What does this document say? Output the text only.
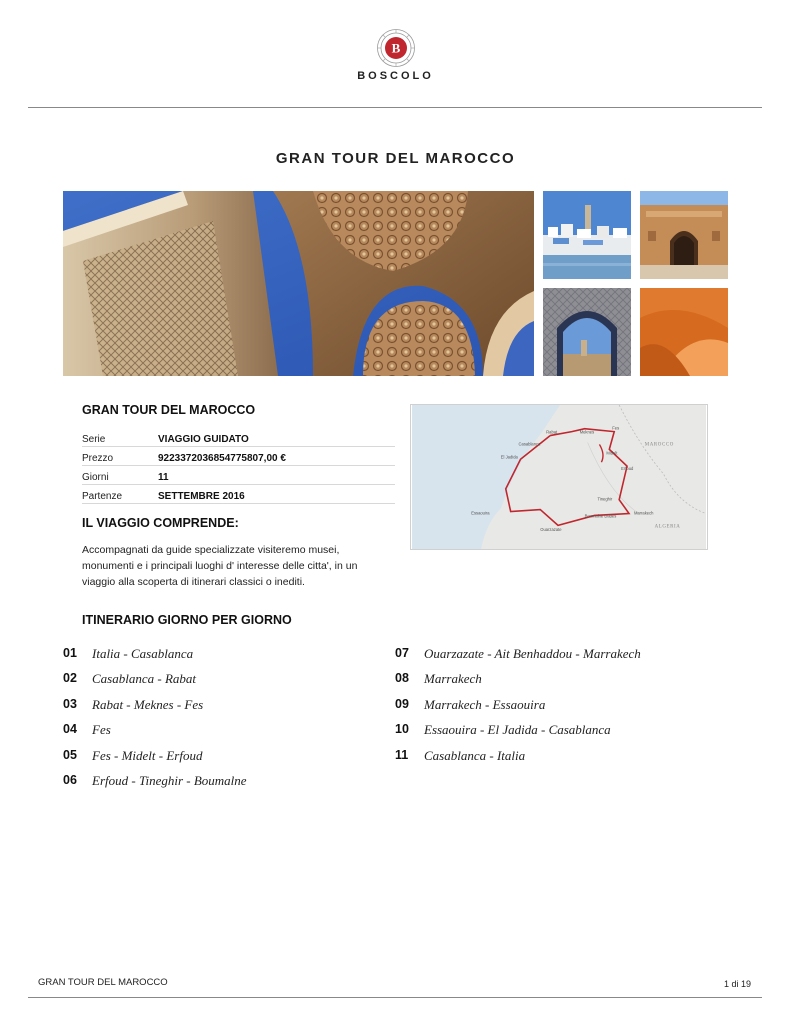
B
BOSCOLO
GRAN TOUR DEL MAROCCO
GRAN TOUR DEL MAROCCO
Serie	VIAGGIO GUIDATO
Prezzo	9223372036854775807,00 €
Giorni	11
Partenze	SETTEMBRE 2016
IL VIAGGIO COMPRENDE:
Accompagnati da guide specializzate visiteremo musei, monumenti e i principali luoghi d' interesse delle citta', in un viaggio alla scoperta di itinerari classici o inediti.
Rabat	Meknes
Fes
Casablanca
El Jadida
Midelt
Erfoud
Tineghir
Boumalne Dades
Ouarzazate
Essaouira	Marrakech
MAROCCO
ALGERIA
ITINERARIO GIORNO PER GIORNO
01 Italia - Casablanca
02 Casablanca - Rabat
03 Rabat - Meknes - Fes
04 Fes
05 Fes - Midelt - Erfoud
06 Erfoud - Tineghir - Boumalne
07 Ouarzazate - Ait Benhaddou - Marrakech
08 Marrakech
09 Marrakech - Essaouira
10 Essaouira - El Jadida - Casablanca
11 Casablanca - Italia
GRAN TOUR DEL MAROCCO	1 di 19
